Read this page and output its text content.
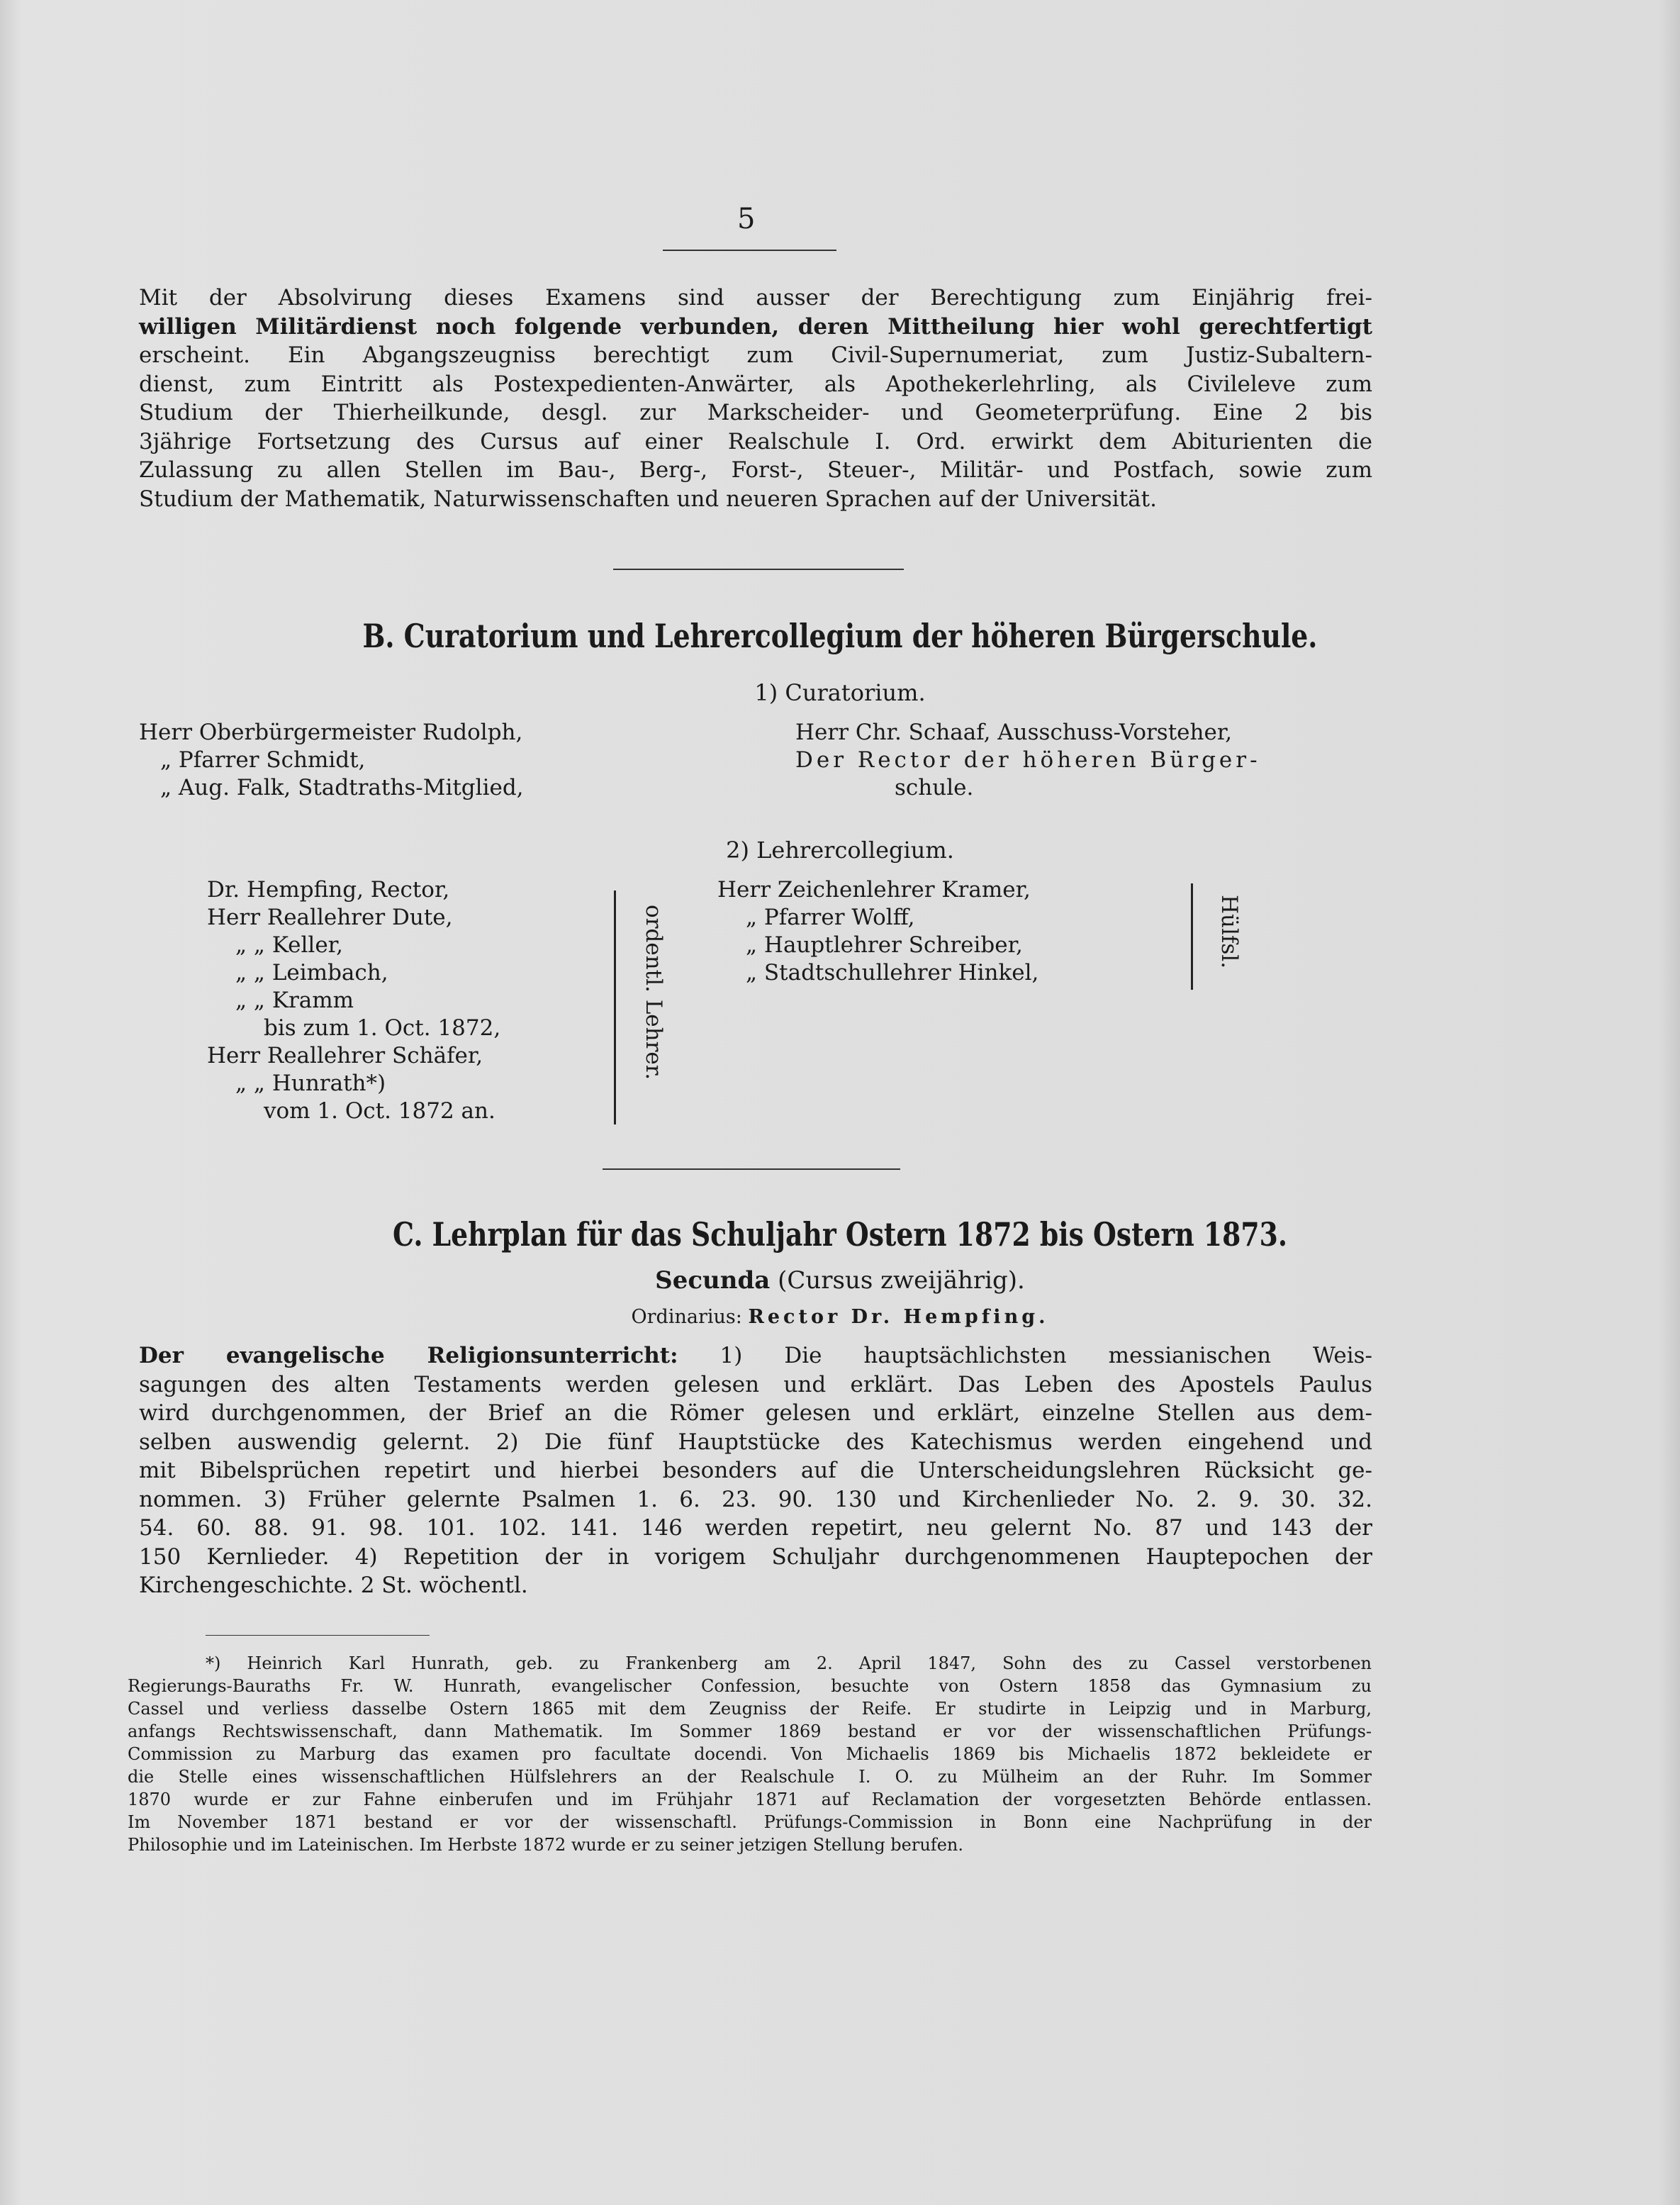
5
Mit der Absolvirung dieses Examens sind ausser der Berechtigung zum Einjährig frei-
willigen Militärdienst noch folgende verbunden, deren Mittheilung hier wohl gerechtfertigt
erscheint. Ein Abgangszeugniss berechtigt zum Civil-Supernumeriat, zum Justiz-Subaltern-
dienst, zum Eintritt als Postexpedienten-Anwärter, als Apothekerlehrling, als Civileleve zum
Studium der Thierheilkunde, desgl. zur Markscheider- und Geometerprüfung. Eine 2 bis
3jährige Fortsetzung des Cursus auf einer Realschule I. Ord. erwirkt dem Abiturienten die
Zulassung zu allen Stellen im Bau-, Berg-, Forst-, Steuer-, Militär- und Postfach, sowie zum
Studium der Mathematik, Naturwissenschaften und neueren Sprachen auf der Universität.
B. Curatorium und Lehrercollegium der höheren Bürgerschule.
1) Curatorium.
Herr Oberbürgermeister Rudolph,
„ Pfarrer Schmidt,
„ Aug. Falk, Stadtraths-Mitglied,
Herr Chr. Schaaf, Ausschuss-Vorsteher,
Der Rector der höheren Bürger-
schule.
2) Lehrercollegium.
Dr. Hempfing, Rector,
Herr Reallehrer Dute,
„ „ Keller,
„ „ Leimbach,
„ „ Kramm
bis zum 1. Oct. 1872,
Herr Reallehrer Schäfer,
„ „ Hunrath*)
vom 1. Oct. 1872 an.
ordentl. Lehrer.
Herr Zeichenlehrer Kramer,
„ Pfarrer Wolff,
„ Hauptlehrer Schreiber,
„ Stadtschullehrer Hinkel,
Hülfsl.
C. Lehrplan für das Schuljahr Ostern 1872 bis Ostern 1873.
Secunda (Cursus zweijährig).
Ordinarius: Rector Dr. Hempfing.
Der evangelische Religionsunterricht: 1) Die hauptsächlichsten messianischen Weis-
sagungen des alten Testaments werden gelesen und erklärt. Das Leben des Apostels Paulus
wird durchgenommen, der Brief an die Römer gelesen und erklärt, einzelne Stellen aus dem-
selben auswendig gelernt. 2) Die fünf Hauptstücke des Katechismus werden eingehend und
mit Bibelsprüchen repetirt und hierbei besonders auf die Unterscheidungslehren Rücksicht ge-
nommen. 3) Früher gelernte Psalmen 1. 6. 23. 90. 130 und Kirchenlieder No. 2. 9. 30. 32.
54. 60. 88. 91. 98. 101. 102. 141. 146 werden repetirt, neu gelernt No. 87 und 143 der
150 Kernlieder. 4) Repetition der in vorigem Schuljahr durchgenommenen Hauptepochen der
Kirchengeschichte. 2 St. wöchentl.
*) Heinrich Karl Hunrath, geb. zu Frankenberg am 2. April 1847, Sohn des zu Cassel verstorbenen
Regierungs-Bauraths Fr. W. Hunrath, evangelischer Confession, besuchte von Ostern 1858 das Gymnasium zu
Cassel und verliess dasselbe Ostern 1865 mit dem Zeugniss der Reife. Er studirte in Leipzig und in Marburg,
anfangs Rechtswissenschaft, dann Mathematik. Im Sommer 1869 bestand er vor der wissenschaftlichen Prüfungs-
Commission zu Marburg das examen pro facultate docendi. Von Michaelis 1869 bis Michaelis 1872 bekleidete er
die Stelle eines wissenschaftlichen Hülfslehrers an der Realschule I. O. zu Mülheim an der Ruhr. Im Sommer
1870 wurde er zur Fahne einberufen und im Frühjahr 1871 auf Reclamation der vorgesetzten Behörde entlassen.
Im November 1871 bestand er vor der wissenschaftl. Prüfungs-Commission in Bonn eine Nachprüfung in der
Philosophie und im Lateinischen. Im Herbste 1872 wurde er zu seiner jetzigen Stellung berufen.
